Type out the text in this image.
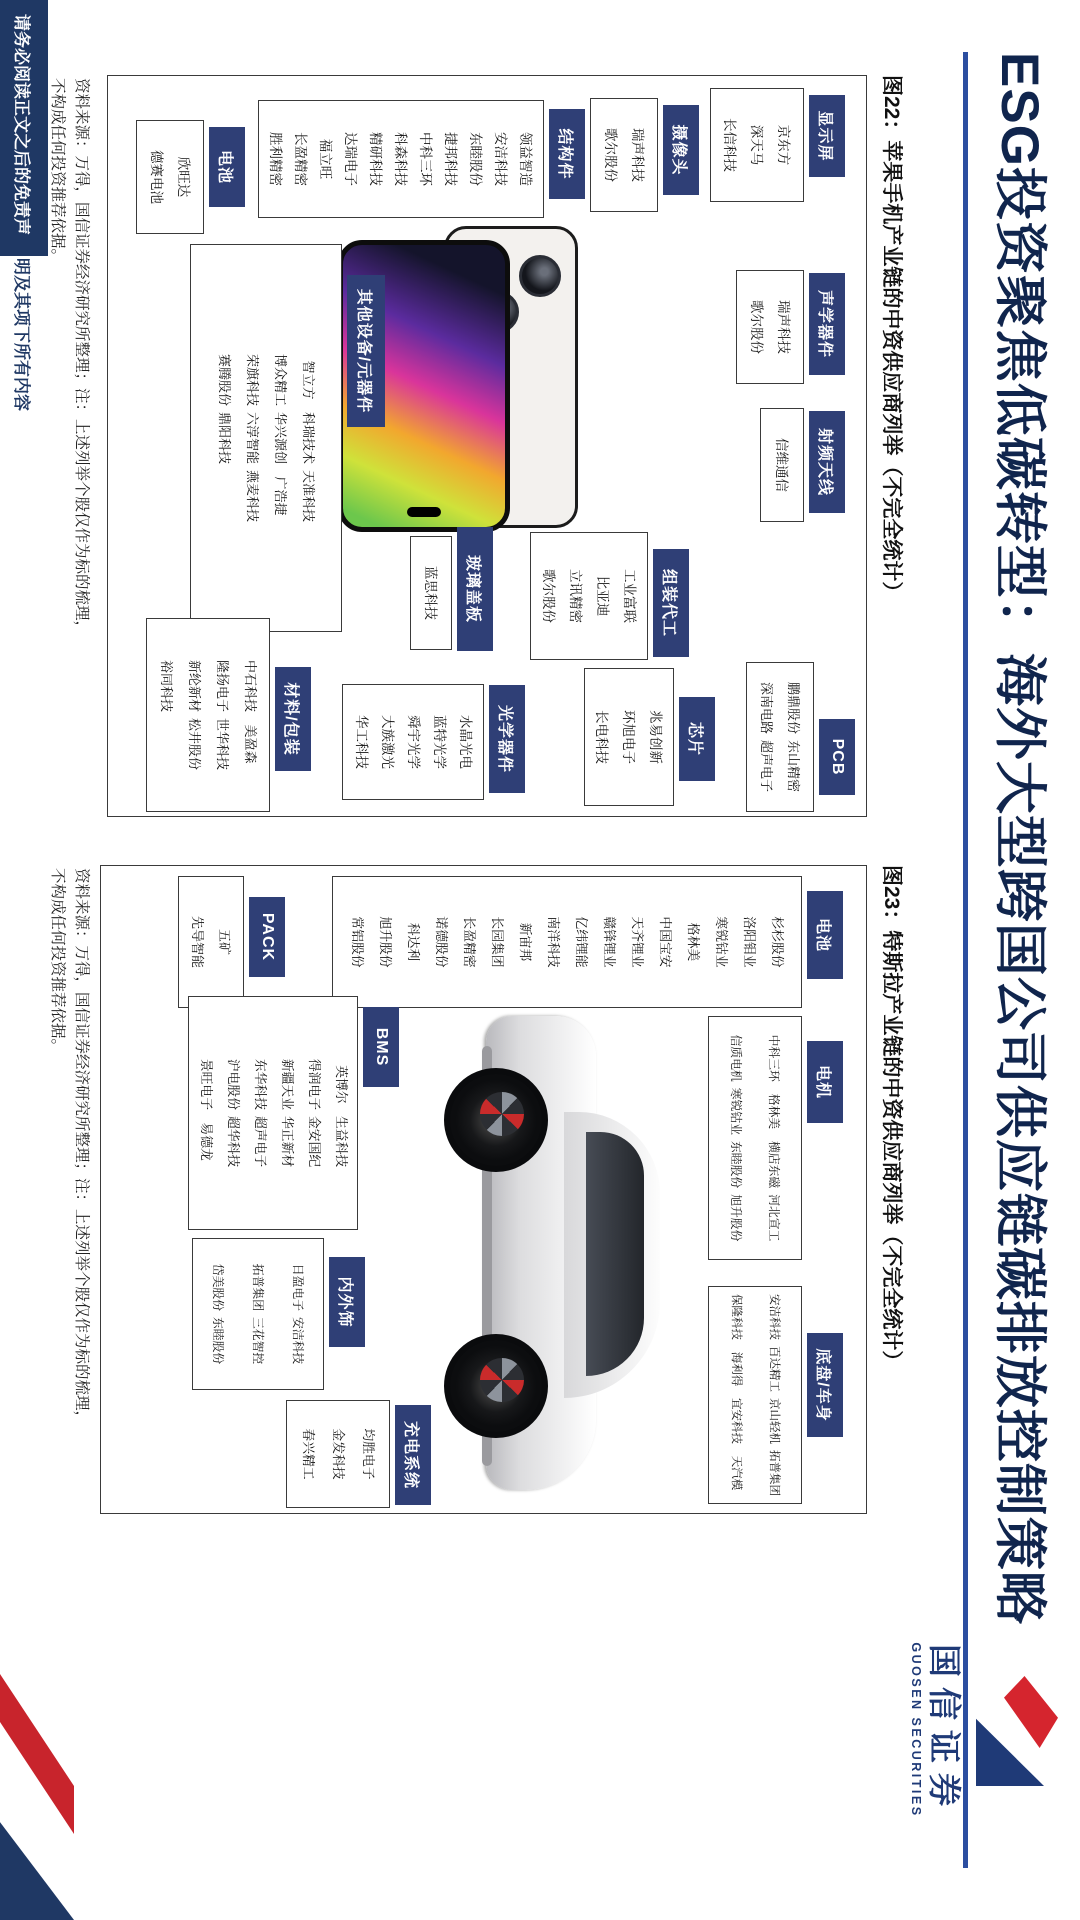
ESG投资聚焦低碳转型：海外大型跨国公司供应链碳排放控制策略
国信证券
GUOSEN SECURITIES
图22：苹果手机产业链的中资供应商列举（不完全统计）
图23：特斯拉产业链的中资供应商列举（不完全统计）
显示屏
京东方
深天马
长信科技
声学器件
瑞声科技
歌尔股份
射频天线
信维通信
PCB
鹏鼎股份
东山精密
深南电路
超声电子
摄像头
瑞声科技
歌尔股份
结构件
领益智造
安洁科技
东睦股份
捷邦科技
中科三环
科森科技
精研科技
达瑞电子
福立旺
长盈精密
胜利精密
电池
欣旺达
德赛电池
组装代工
工业富联
比亚迪
立讯精密
歌尔股份
芯片
兆易创新
环旭电子
长电科技
玻璃盖板
蓝思科技
光学器件
水晶光电
蓝特光学
舜宇光学
大族激光
华工科技
其他设备/元器件
智立方
科瑞技术
天准科技
博众精工
华兴源创
广浩捷
荣旗科技
六淳智能
燕麦科技
赛腾股份
鼎阳科技
材料/包装
中石科技
美盈森
隆扬电子
世华科技
新纶新材
松井股份
裕同科技
电池
杉杉股份
洛阳钼业
寒锐钴业
格林美
中国宝安
天齐锂业
赣锋锂业
亿纬锂能
南洋科技
新宙邦
长园集团
长盈精密
诺德股份
科达利
旭升股份
常铝股份
电机
中科三环
格林美
横店东磁
河北宣工
信质电机
寒锐钴业
东睦股份
旭升股份
底盘/车身
安洁科技
百达精工
京山轻机
拓普集团
保隆科技
海利得
宜安科技
天汽模
PACK
五矿
先导智能
BMS
英博尔
生益科技
得润电子
金安国纪
新疆天业
华正新材
东华科技
超声电子
沪电股份
超华科技
景旺电子
易德龙
内外饰
日盈电子
安洁科技
拓普集团
三花智控
岱美股份
东睦股份
充电系统
均胜电子
金发科技
春兴精工
资料来源：万得，国信证券经济研究所整理；注：上述列举个股仅作为标的梳理，
不构成任何投资推荐依据。
资料来源：万得，国信证券经济研究所整理；注：上述列举个股仅作为标的梳理，
不构成任何投资推荐依据。
请务必阅读正文之后的免责声
明及其项下所有内容
